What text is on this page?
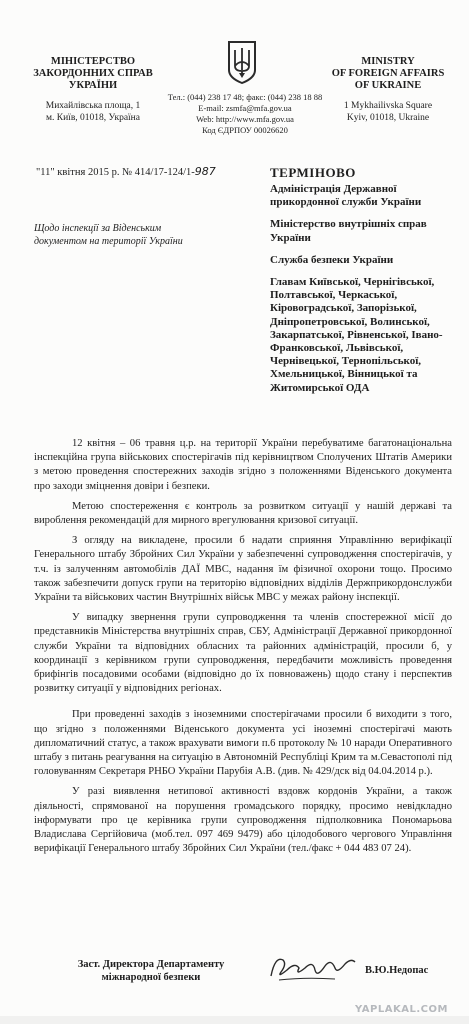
МІНІСТЕРСТВО
ЗАКОРДОННИХ СПРАВ
УКРАЇНИ
Михайлівська площа, 1
м. Київ, 01018, Україна
MINISTRY
OF FOREIGN AFFAIRS
OF UKRAINE
1 Mykhailivska Square
Kyiv, 01018, Ukraine
Тел.: (044) 238 17 48; факс: (044) 238 18 88
E-mail: zsmfa@mfa.gov.ua
Web: http://www.mfa.gov.ua
Код ЄДРПОУ 00026620
"11" квітня 2015 р. № 414/17-124/1-987	ТЕРМІНОВО

Адміністрація Державної прикордонної служби України

Міністерство внутрішніх справ України

Служба безпеки України

Главам Київської, Чернігівської, Полтавської, Черкаської, Кіровоградської, Запорізької, Дніпропетровської, Волинської, Закарпатської, Рівненської, Івано-Франковської, Львівської, Чернівецької, Тернопільської, Хмельницької, Вінницької та Житомирської ОДА

Щодо інспекції за Віденським документом на території України

12 квітня – 06 травня ц.р. на території України перебуватиме багатонаціональна інспекційна група військових спостерігачів під керівництвом Сполучених Штатів Америки з метою проведення спостережних заходів згідно з положеннями Віденського документа про заходи зміцнення довіри і безпеки.

Метою спостереження є контроль за розвитком ситуації у нашій державі та вироблення рекомендацій для мирного врегулювання кризової ситуації.

З огляду на викладене, просили б надати сприяння Управлінню верифікації Генерального штабу Збройних Сил України у забезпеченні супроводження спостерігачів, у т.ч. із залученням автомобілів ДАЇ МВС, надання їм фізичної охорони тощо. Просимо також забезпечити допуск групи на територію відповідних відділів Держприкордонслужби України та військових частин Внутрішніх військ МВС у межах району інспекції.

У випадку звернення групи супроводження та членів спостережної місії до представників Міністерства внутрішніх справ, СБУ, Адміністрації Державної прикордонної служби України та відповідних обласних та районних адміністрацій, просили б, у координації з керівником групи супроводження, передбачити можливість проведення брифінгів посадовими особами (відповідно до їх повноважень) щодо стану і перспектив розвитку ситуації у відповідних регіонах.

При проведенні заходів з іноземними спостерігачами просили б виходити з того, що згідно з положеннями Віденського документа усі іноземні спостерігачі мають дипломатичний статус, а також врахувати вимоги п.6 протоколу № 10 наради Оперативного штабу з питань реагування на ситуацію в Автономній Республіці Крим та м.Севастополі під головуванням Секретаря РНБО України Парубія А.В. (див. № 429/дск від 04.04.2014 р.).

У разі виявлення нетипової активності вздовж кордонів України, а також діяльності, спрямованої на порушення громадського порядку, просимо невідкладно інформувати про це керівника групи супроводження підполковника Пономарьова Владислава Сергійовича (моб.тел. 097 469 9479) або цілодобового чергового Управління верифікації Генерального штабу Збройних Сил України (тел./факс + 044 483 07 24).

Заст. Директора Департаменту
міжнародної безпеки
В.Ю.Недопас
YAPLAKAL.COM
